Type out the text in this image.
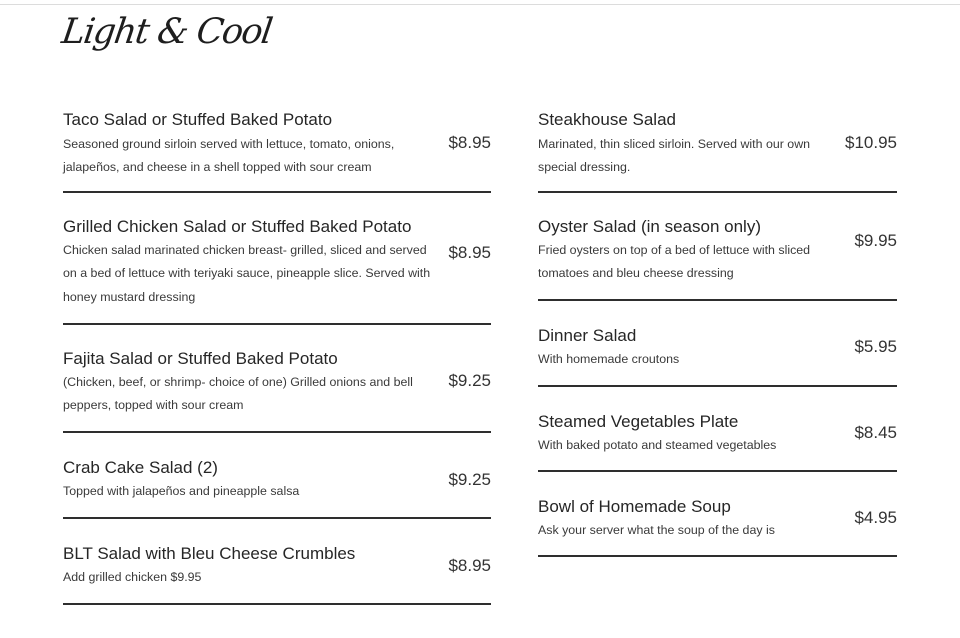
Light & Cool
Taco Salad or Stuffed Baked Potato
Seasoned ground sirloin served with lettuce, tomato, onions, jalapeños, and cheese in a shell topped with sour cream
$8.95
Grilled Chicken Salad or Stuffed Baked Potato
Chicken salad marinated chicken breast- grilled, sliced and served on a bed of lettuce with teriyaki sauce, pineapple slice. Served with honey mustard dressing
$8.95
Fajita Salad or Stuffed Baked Potato
(Chicken, beef, or shrimp- choice of one) Grilled onions and bell peppers, topped with sour cream
$9.25
Crab Cake Salad (2)
Topped with jalapeños and pineapple salsa
$9.25
BLT Salad with Bleu Cheese Crumbles
Add grilled chicken $9.95
$8.95
Steakhouse Salad
Marinated, thin sliced sirloin. Served with our own special dressing.
$10.95
Oyster Salad (in season only)
Fried oysters on top of a bed of lettuce with sliced tomatoes and bleu cheese dressing
$9.95
Dinner Salad
With homemade croutons
$5.95
Steamed Vegetables Plate
With baked potato and steamed vegetables
$8.45
Bowl of Homemade Soup
Ask your server what the soup of the day is
$4.95
